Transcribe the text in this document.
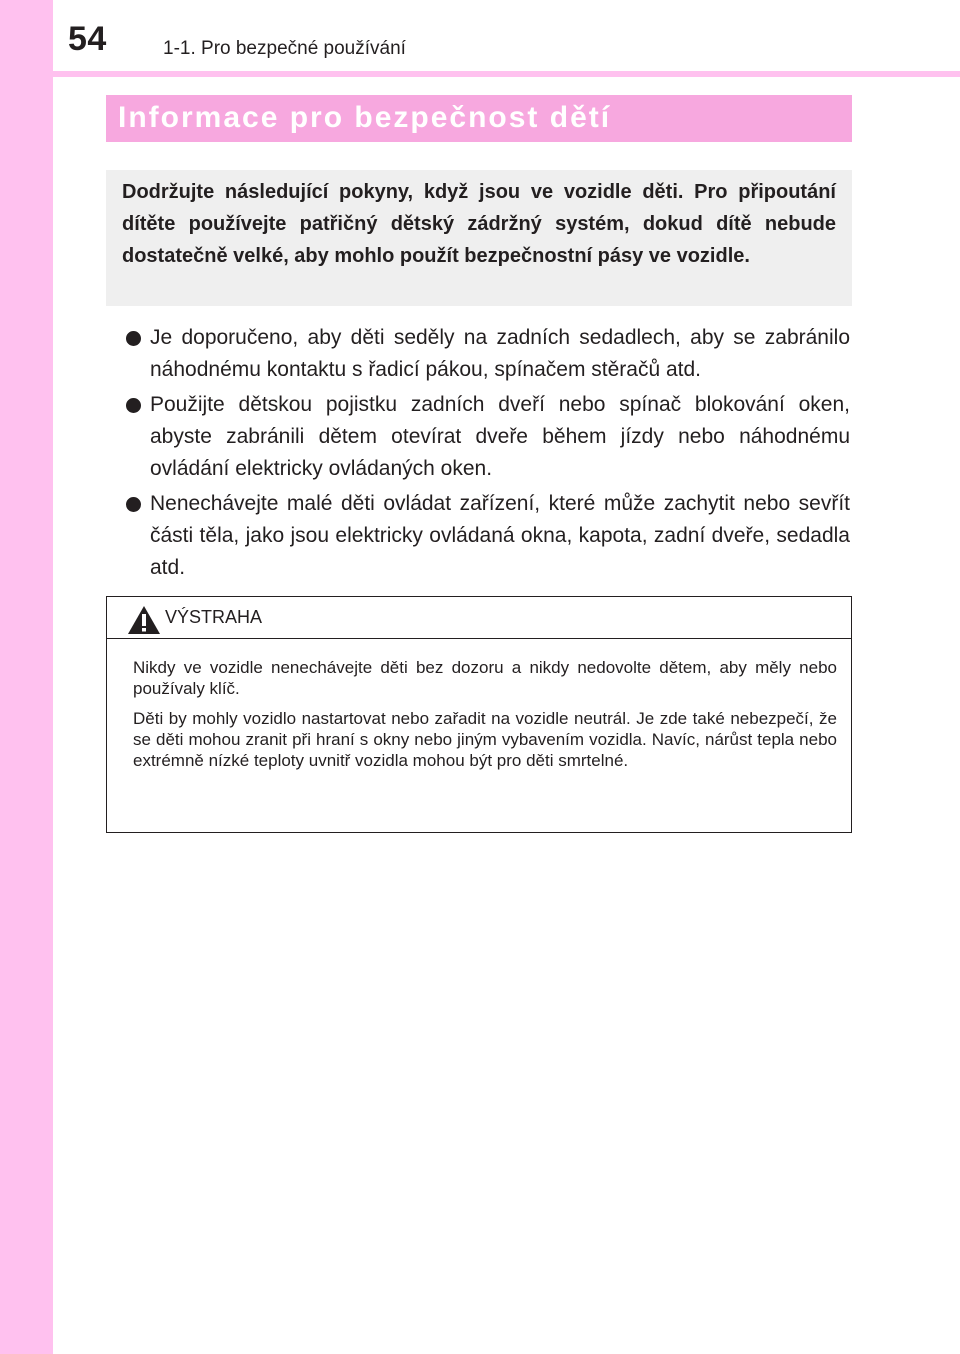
54	1-1. Pro bezpečné používání
Informace pro bezpečnost dětí

Dodržujte následující pokyny, když jsou ve vozidle děti. Pro připoutání dítěte používejte patřičný dětský zádržný systém, dokud dítě nebude dostatečně velké, aby mohlo použít bezpečnostní pásy ve vozidle.

Je doporučeno, aby děti seděly na zadních sedadlech, aby se zabránilo náhodnému kontaktu s řadicí pákou, spínačem stěračů atd.
Použijte dětskou pojistku zadních dveří nebo spínač blokování oken, abyste zabránili dětem otevírat dveře během jízdy nebo náhodnému ovládání elektricky ovládaných oken.
Nenechávejte malé děti ovládat zařízení, které může zachytit nebo sevřít části těla, jako jsou elektricky ovládaná okna, kapota, zadní dveře, sedadla atd.
VÝSTRAHA

Nikdy ve vozidle nenechávejte děti bez dozoru a nikdy nedovolte dětem, aby měly nebo používaly klíč.

Děti by mohly vozidlo nastartovat nebo zařadit na vozidle neutrál. Je zde také nebezpečí, že se děti mohou zranit při hraní s okny nebo jiným vybavením vozidla. Navíc, nárůst tepla nebo extrémně nízké teploty uvnitř vozidla mohou být pro děti smrtelné.
